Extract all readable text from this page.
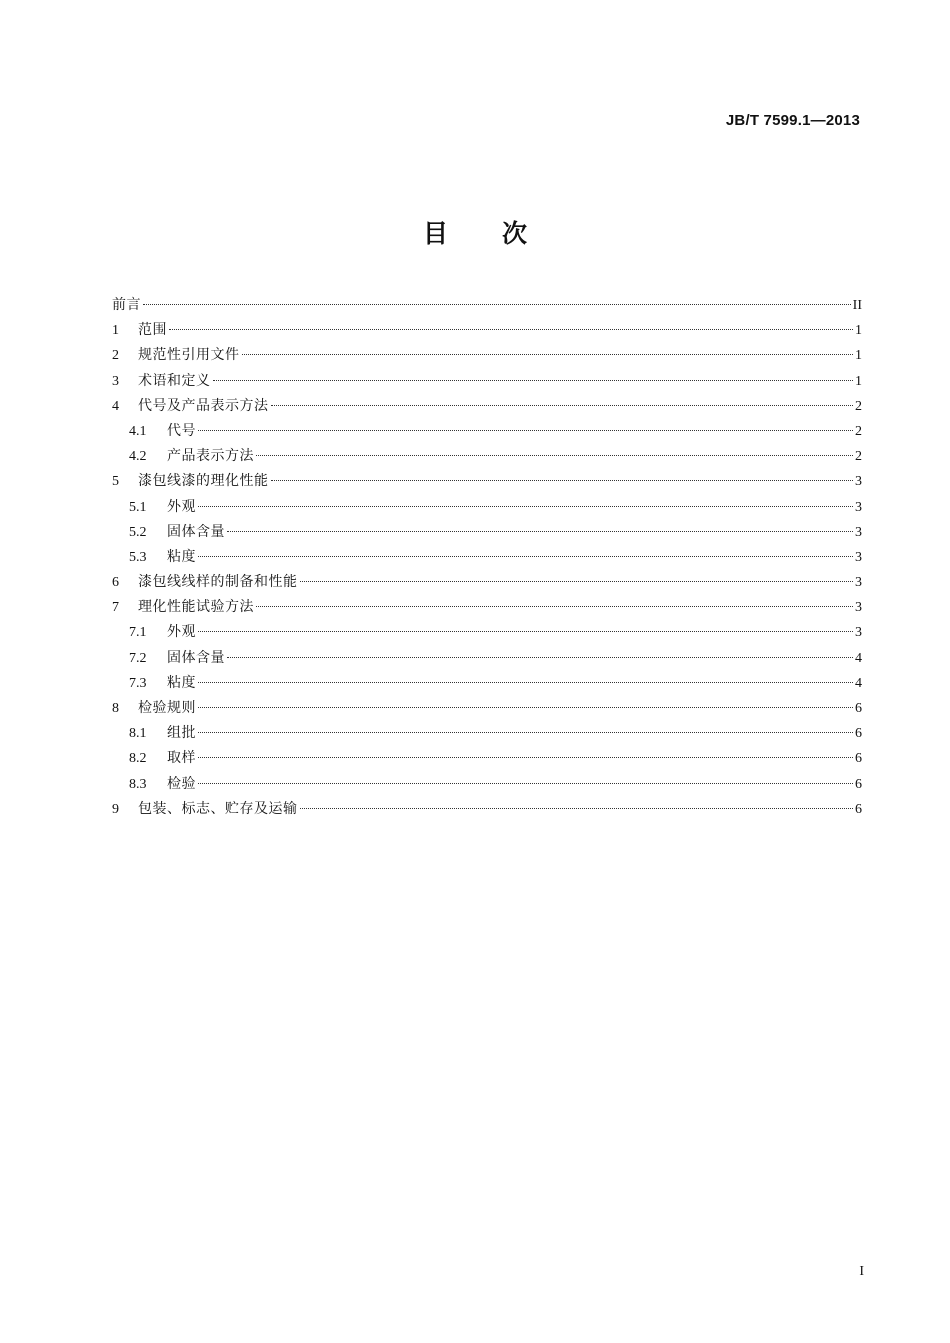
JB/T 7599.1—2013
目 次
前言	II
1	范围	1
2	规范性引用文件	1
3	术语和定义	1
4	代号及产品表示方法	2
4.1	代号	2
4.2	产品表示方法	2
5	漆包线漆的理化性能	3
5.1	外观	3
5.2	固体含量	3
5.3	粘度	3
6	漆包线线样的制备和性能	3
7	理化性能试验方法	3
7.1	外观	3
7.2	固体含量	4
7.3	粘度	4
8	检验规则	6
8.1	组批	6
8.2	取样	6
8.3	检验	6
9	包装、标志、贮存及运输	6
I
